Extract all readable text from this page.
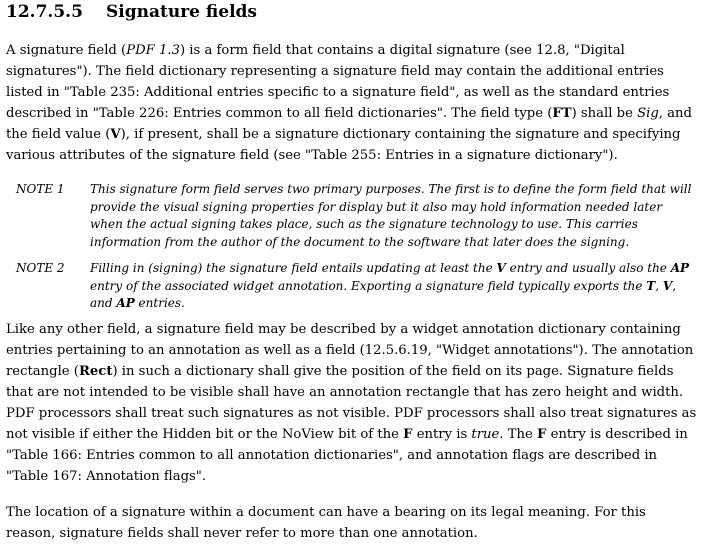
12.7.5.5 Signature fields

A signature field (PDF 1.3) is a form field that contains a digital signature (see 12.8, "Digital signatures"). The field dictionary representing a signature field may contain the additional entries listed in "Table 235: Additional entries specific to a signature field", as well as the standard entries described in "Table 226: Entries common to all field dictionaries". The field type (FT) shall be Sig, and the field value (V), if present, shall be a signature dictionary containing the signature and specifying various attributes of the signature field (see "Table 255: Entries in a signature dictionary").

NOTE 1	This signature form field serves two primary purposes. The first is to define the form field that will provide the visual signing properties for display but it also may hold information needed later when the actual signing takes place, such as the signature technology to use. This carries information from the author of the document to the software that later does the signing.
NOTE 2	Filling in (signing) the signature field entails updating at least the V entry and usually also the AP entry of the associated widget annotation. Exporting a signature field typically exports the T, V, and AP entries.

Like any other field, a signature field may be described by a widget annotation dictionary containing entries pertaining to an annotation as well as a field (12.5.6.19, "Widget annotations"). The annotation rectangle (Rect) in such a dictionary shall give the position of the field on its page. Signature fields that are not intended to be visible shall have an annotation rectangle that has zero height and width. PDF processors shall treat such signatures as not visible. PDF processors shall also treat signatures as not visible if either the Hidden bit or the NoView bit of the F entry is true. The F entry is described in "Table 166: Entries common to all annotation dictionaries", and annotation flags are described in "Table 167: Annotation flags".

The location of a signature within a document can have a bearing on its legal meaning. For this reason, signature fields shall never refer to more than one annotation.
